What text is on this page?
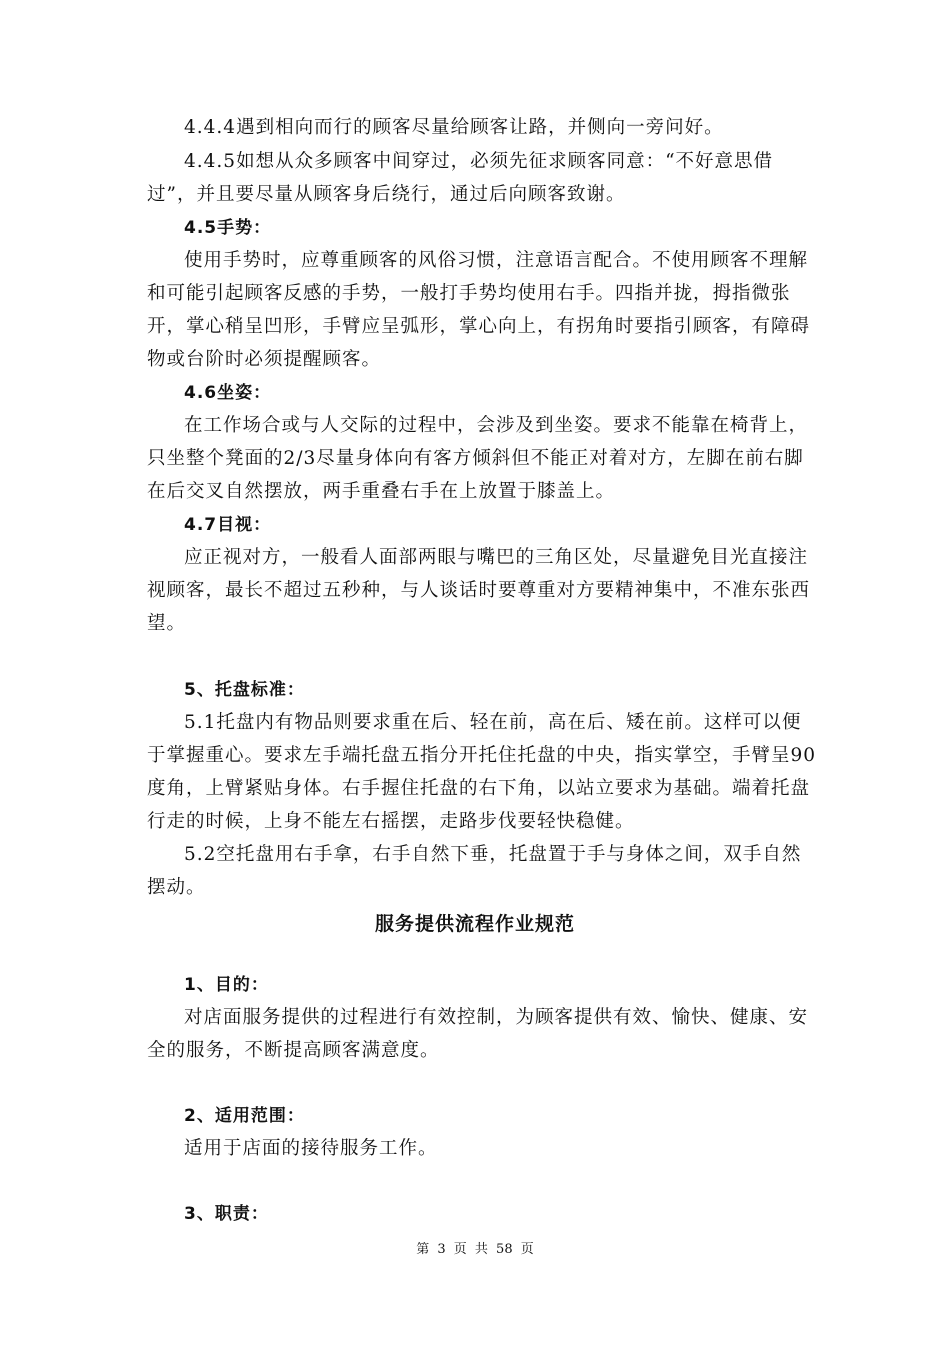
4.4.4遇到相向而行的顾客尽量给顾客让路，并侧向一旁问好。
4.4.5如想从众多顾客中间穿过，必须先征求顾客同意：“不好意思借
过”，并且要尽量从顾客身后绕行，通过后向顾客致谢。
4.5手势：
使用手势时，应尊重顾客的风俗习惯，注意语言配合。不使用顾客不理解
和可能引起顾客反感的手势，一般打手势均使用右手。四指并拢，拇指微张
开，掌心稍呈凹形，手臂应呈弧形，掌心向上，有拐角时要指引顾客，有障碍
物或台阶时必须提醒顾客。
4.6坐姿：
在工作场合或与人交际的过程中，会涉及到坐姿。要求不能靠在椅背上，
只坐整个凳面的2/3尽量身体向有客方倾斜但不能正对着对方，左脚在前右脚
在后交叉自然摆放，两手重叠右手在上放置于膝盖上。
4.7目视：
应正视对方，一般看人面部两眼与嘴巴的三角区处，尽量避免目光直接注
视顾客，最长不超过五秒种，与人谈话时要尊重对方要精神集中，不准东张西
望。
5、托盘标准：
5.1托盘内有物品则要求重在后、轻在前，高在后、矮在前。这样可以便
于掌握重心。要求左手端托盘五指分开托住托盘的中央，指实掌空，手臂呈90
度角，上臂紧贴身体。右手握住托盘的右下角，以站立要求为基础。端着托盘
行走的时候，上身不能左右摇摆，走路步伐要轻快稳健。
5.2空托盘用右手拿，右手自然下垂，托盘置于手与身体之间，双手自然
摆动。
服务提供流程作业规范
1、目的：
对店面服务提供的过程进行有效控制，为顾客提供有效、愉快、健康、安
全的服务，不断提高顾客满意度。
2、适用范围：
适用于店面的接待服务工作。
3、职责：
第 3 页 共 58 页
